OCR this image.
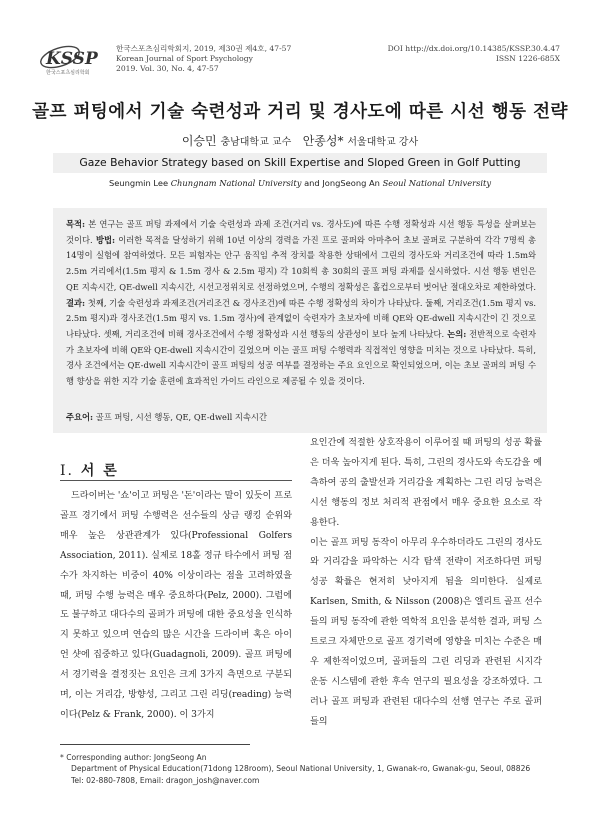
KSSP
한국스포츠심리학회
한국스포츠심리학회지, 2019, 제30권 제4호, 47-57
Korean Journal of Sport Psychology
2019. Vol. 30, No. 4, 47-57
DOI http://dx.doi.org/10.14385/KSSP.30.4.47
ISSN 1226-685X
골프 퍼팅에서 기술 숙련성과 거리 및 경사도에 따른 시선 행동 전략
이승민 충남대학교 교수 안종성* 서울대학교 강사
Gaze Behavior Strategy based on Skill Expertise and Sloped Green in Golf Putting
Seungmin Lee Chungnam National University and JongSeong An Seoul National University
목적: 본 연구는 골프 퍼팅 과제에서 기술 숙련성과 과제 조건(거리 vs. 경사도)에 따른 수행 정확성과 시선 행동 특성을 살펴보는 것이다. 방법: 이러한 목적을 달성하기 위해 10년 이상의 경력을 가진 프로 골퍼와 아마추어 초보 골퍼로 구분하여 각각 7명씩 총 14명이 실험에 참여하였다. 모든 피험자는 안구 움직임 추적 장치를 착용한 상태에서 그린의 경사도와 거리조건에 따라 1.5m와 2.5m 거리에서(1.5m 평지 & 1.5m 경사 & 2.5m 평지) 각 10회씩 총 30회의 골프 퍼팅 과제를 실시하였다. 시선 행동 변인은 QE 지속시간, QE-dwell 지속시간, 시선고정위치로 선정하였으며, 수행의 정확성은 홀컵으로부터 벗어난 절대오차로 제한하였다. 결과: 첫째, 기술 숙련성과 과제조건(거리조건 & 경사조건)에 따른 수행 정확성의 차이가 나타났다. 둘째, 거리조건(1.5m 평지 vs. 2.5m 평지)과 경사조건(1.5m 평지 vs. 1.5m 경사)에 관계없이 숙련자가 초보자에 비해 QE와 QE-dwell 지속시간이 긴 것으로 나타났다. 셋째, 거리조건에 비해 경사조건에서 수행 정확성과 시선 행동의 상관성이 보다 높게 나타났다. 논의: 전반적으로 숙련자가 초보자에 비해 QE와 QE-dwell 지속시간이 길었으며 이는 골프 퍼팅 수행력과 직접적인 영향을 미치는 것으로 나타났다. 특히, 경사 조건에서는 QE-dwell 지속시간이 골프 퍼팅의 성공 여부를 결정하는 주요 요인으로 확인되었으며, 이는 초보 골퍼의 퍼팅 수행 향상을 위한 지각 기술 훈련에 효과적인 가이드 라인으로 제공될 수 있을 것이다.
주요어: 골프 퍼팅, 시선 행동, QE, QE-dwell 지속시간
I. 서 론

드라이버는 '쇼'이고 퍼팅은 '돈'이라는 말이 있듯이 프로 골프 경기에서 퍼팅 수행력은 선수들의 상금 랭킹 순위와 매우 높은 상관관계가 있다(Professional Golfers Association, 2011). 실제로 18홀 정규 타수에서 퍼팅 점수가 차지하는 비중이 40% 이상이라는 점을 고려하였을 때, 퍼팅 수행 능력은 매우 중요하다(Pelz, 2000). 그럼에도 불구하고 대다수의 골퍼가 퍼팅에 대한 중요성을 인식하지 못하고 있으며 연습의 많은 시간을 드라이버 혹은 아이언 샷에 집중하고 있다(Guadagnoli, 2009). 골프 퍼팅에서 경기력을 결정짓는 요인은 크게 3가지 측면으로 구분되며, 이는 거리감, 방향성, 그리고 그린 리딩(reading) 능력이다(Pelz & Frank, 2000). 이 3가지

요인간에 적절한 상호작용이 이루어질 때 퍼팅의 성공 확률은 더욱 높아지게 된다. 특히, 그린의 경사도와 속도감을 예측하여 공의 출발선과 거리감을 계획하는 그린 리딩 능력은 시선 행동의 정보 처리적 관점에서 매우 중요한 요소로 작용한다.

이는 골프 퍼팅 동작이 아무리 우수하더라도 그린의 경사도와 거리감을 파악하는 시각 탐색 전략이 저조하다면 퍼팅 성공 확률은 현저히 낮아지게 됨을 의미한다. 실제로 Karlsen, Smith, & Nilsson (2008)은 엘리트 골프 선수들의 퍼팅 동작에 관한 역학적 요인을 분석한 결과, 퍼팅 스트로크 자체만으로 골프 경기력에 영향을 미치는 수준은 매우 제한적이었으며, 골퍼들의 그린 리딩과 관련된 시지각 운동 시스템에 관한 후속 연구의 필요성을 강조하였다. 그러나 골프 퍼팅과 관련된 대다수의 선행 연구는 주로 골퍼들의

* Corresponding author: JongSeong An
Department of Physical Education(71dong 128room), Seoul National University, 1, Gwanak-ro, Gwanak-gu, Seoul, 08826
Tel: 02-880-7808, Email: dragon_josh@naver.com
